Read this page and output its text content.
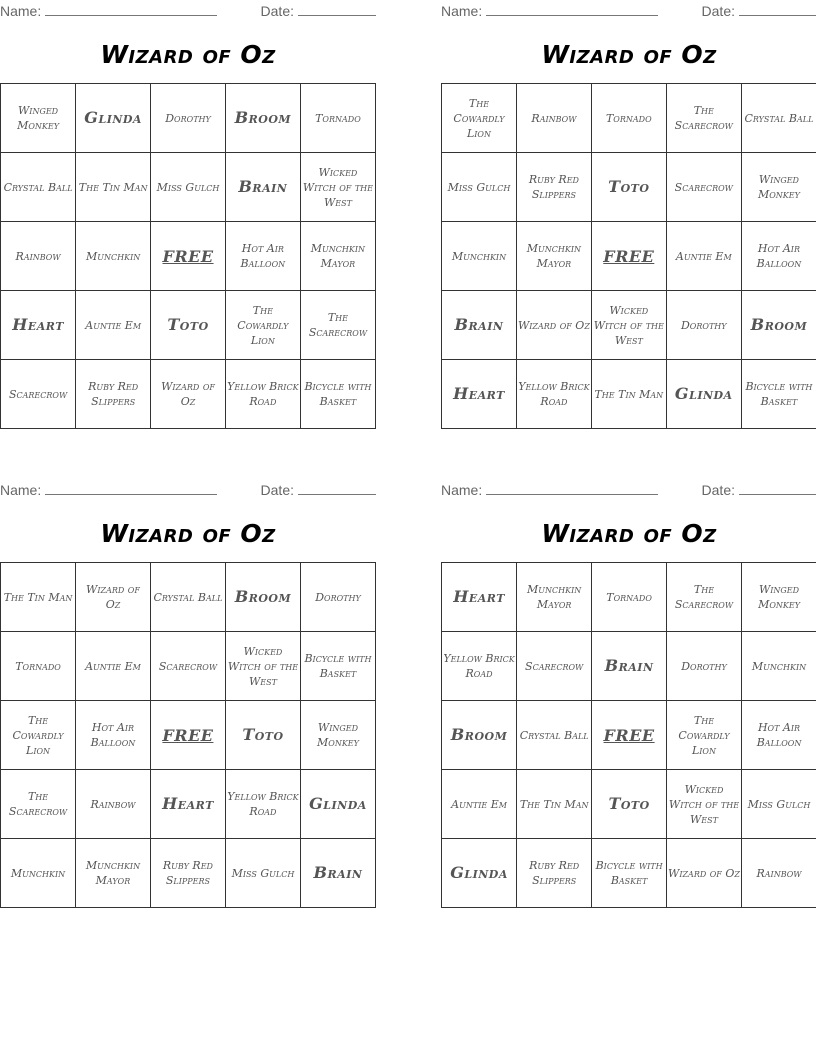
Name:	Date:
Wizard of Oz
Winged Monkey	Glinda	Dorothy	Broom	Tornado
Crystal Ball	The Tin Man	Miss Gulch	Brain	Wicked Witch of the West
Rainbow	Munchkin	FREE	Hot Air Balloon	Munchkin Mayor
Heart	Auntie Em	Toto	The Cowardly Lion	The Scarecrow
Scarecrow	Ruby Red Slippers	Wizard of Oz	Yellow Brick Road	Bicycle with Basket
Name:	Date:
Wizard of Oz
The Cowardly Lion	Rainbow	Tornado	The Scarecrow	Crystal Ball
Miss Gulch	Ruby Red Slippers	Toto	Scarecrow	Winged Monkey
Munchkin	Munchkin Mayor	FREE	Auntie Em	Hot Air Balloon
Brain	Wizard of Oz	Wicked Witch of the West	Dorothy	Broom
Heart	Yellow Brick Road	The Tin Man	Glinda	Bicycle with Basket
Name:	Date:
Wizard of Oz
The Tin Man	Wizard of Oz	Crystal Ball	Broom	Dorothy
Tornado	Auntie Em	Scarecrow	Wicked Witch of the West	Bicycle with Basket
The Cowardly Lion	Hot Air Balloon	FREE	Toto	Winged Monkey
The Scarecrow	Rainbow	Heart	Yellow Brick Road	Glinda
Munchkin	Munchkin Mayor	Ruby Red Slippers	Miss Gulch	Brain
Name:	Date:
Wizard of Oz
Heart	Munchkin Mayor	Tornado	The Scarecrow	Winged Monkey
Yellow Brick Road	Scarecrow	Brain	Dorothy	Munchkin
Broom	Crystal Ball	FREE	The Cowardly Lion	Hot Air Balloon
Auntie Em	The Tin Man	Toto	Wicked Witch of the West	Miss Gulch
Glinda	Ruby Red Slippers	Bicycle with Basket	Wizard of Oz	Rainbow
